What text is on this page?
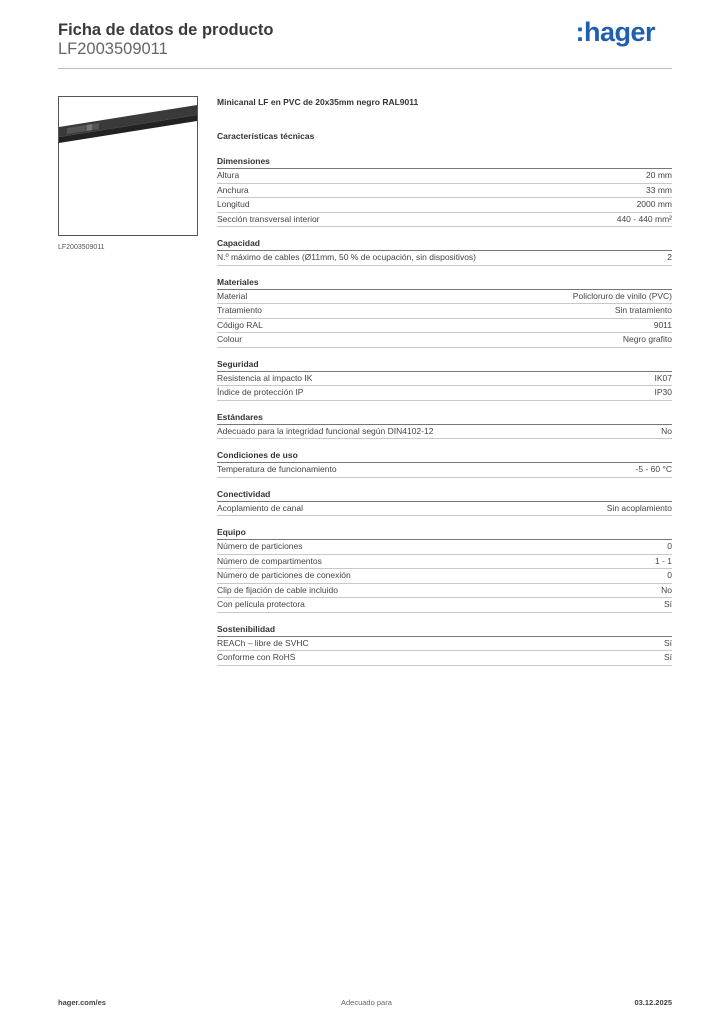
Ficha de datos de producto
LF2003509011
:hager
LF2003509011
Minicanal LF en PVC de 20x35mm negro RAL9011
Características técnicas
Dimensiones
Altura	20 mm
Anchura	33 mm
Longitud	2000 mm
Sección transversal interior	440 - 440 mm²
Capacidad
N.º máximo de cables (Ø11mm, 50 % de ocupación, sin dispositivos)	2
Materiales
Material	Policloruro de vinilo (PVC)
Tratamiento	Sin tratamiento
Código RAL	9011
Colour	Negro grafito
Seguridad
Resistencia al impacto IK	IK07
Índice de protección IP	IP30
Estándares
Adecuado para la integridad funcional según DIN4102-12	No
Condiciones de uso
Temperatura de funcionamiento	-5 - 60 °C
Conectividad
Acoplamiento de canal	Sin acoplamiento
Equipo
Número de particiones	0
Número de compartimentos	1 - 1
Número de particiones de conexión	0
Clip de fijación de cable incluido	No
Con película protectora	Sí
Sostenibilidad
REACh – libre de SVHC	Sí
Conforme con RoHS	Sí
hager.com/es	Adecuado para	03.12.2025
